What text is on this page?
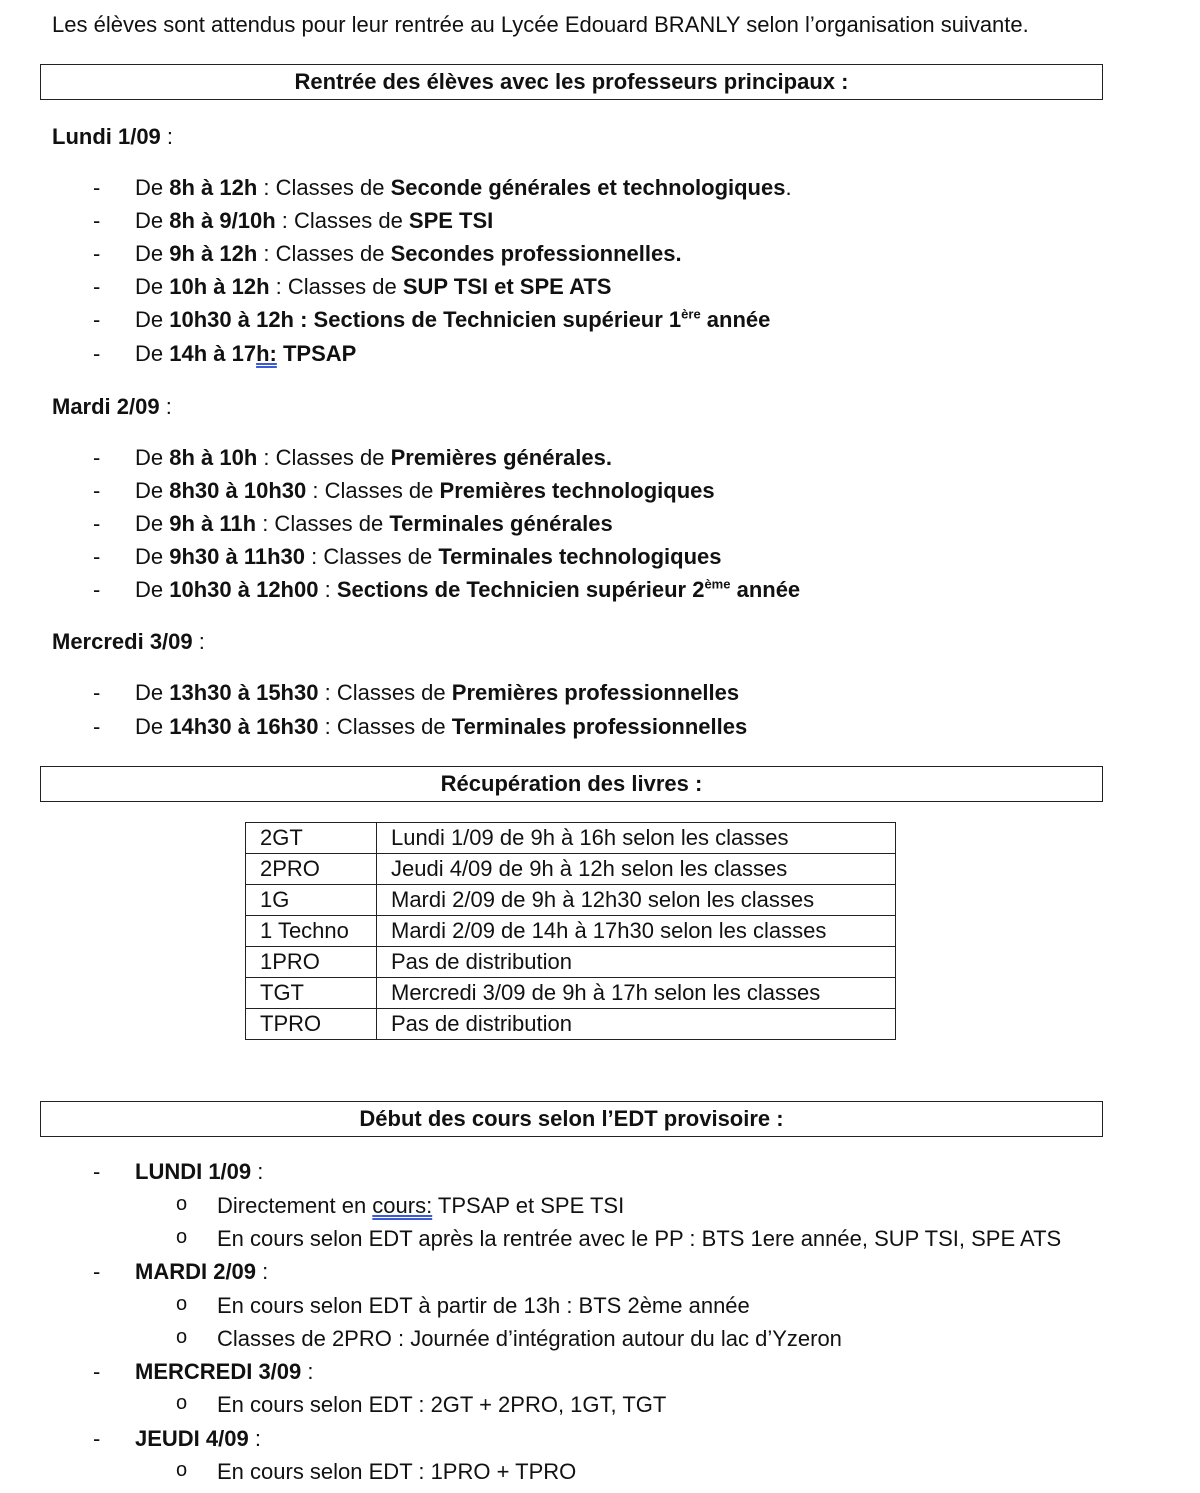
Les élèves sont attendus pour leur rentrée au Lycée Edouard BRANLY selon l’organisation suivante.
Rentrée des élèves avec les professeurs principaux :
Lundi 1/09 :
- De 8h à 12h : Classes de Seconde générales et technologiques.
- De 8h à 9/10h : Classes de SPE TSI
- De 9h à 12h : Classes de Secondes professionnelles.
- De 10h à 12h : Classes de SUP TSI et SPE ATS
- De 10h30 à 12h : Sections de Technicien supérieur 1ère année
- De 14h à 17h: TPSAP
Mardi 2/09 :
- De 8h à 10h : Classes de Premières générales.
- De 8h30 à 10h30 : Classes de Premières technologiques
- De 9h à 11h : Classes de Terminales générales
- De 9h30 à 11h30 : Classes de Terminales technologiques
- De 10h30 à 12h00 : Sections de Technicien supérieur 2ème année
Mercredi 3/09 :
- De 13h30 à 15h30 : Classes de Premières professionnelles
- De 14h30 à 16h30 : Classes de Terminales professionnelles
Récupération des livres :
2GT	Lundi 1/09 de 9h à 16h selon les classes
2PRO	Jeudi 4/09 de 9h à 12h selon les classes
1G	Mardi 2/09 de 9h à 12h30 selon les classes
1 Techno	Mardi 2/09 de 14h à 17h30 selon les classes
1PRO	Pas de distribution
TGT	Mercredi 3/09 de 9h à 17h selon les classes
TPRO	Pas de distribution
Début des cours selon l’EDT provisoire :
- LUNDI 1/09 :
o Directement en cours: TPSAP et SPE TSI
o En cours selon EDT après la rentrée avec le PP : BTS 1ere année, SUP TSI, SPE ATS
- MARDI 2/09 :
o En cours selon EDT à partir de 13h : BTS 2ème année
o Classes de 2PRO : Journée d’intégration autour du lac d’Yzeron
- MERCREDI 3/09 :
o En cours selon EDT : 2GT + 2PRO, 1GT, TGT
- JEUDI 4/09 :
o En cours selon EDT : 1PRO + TPRO
